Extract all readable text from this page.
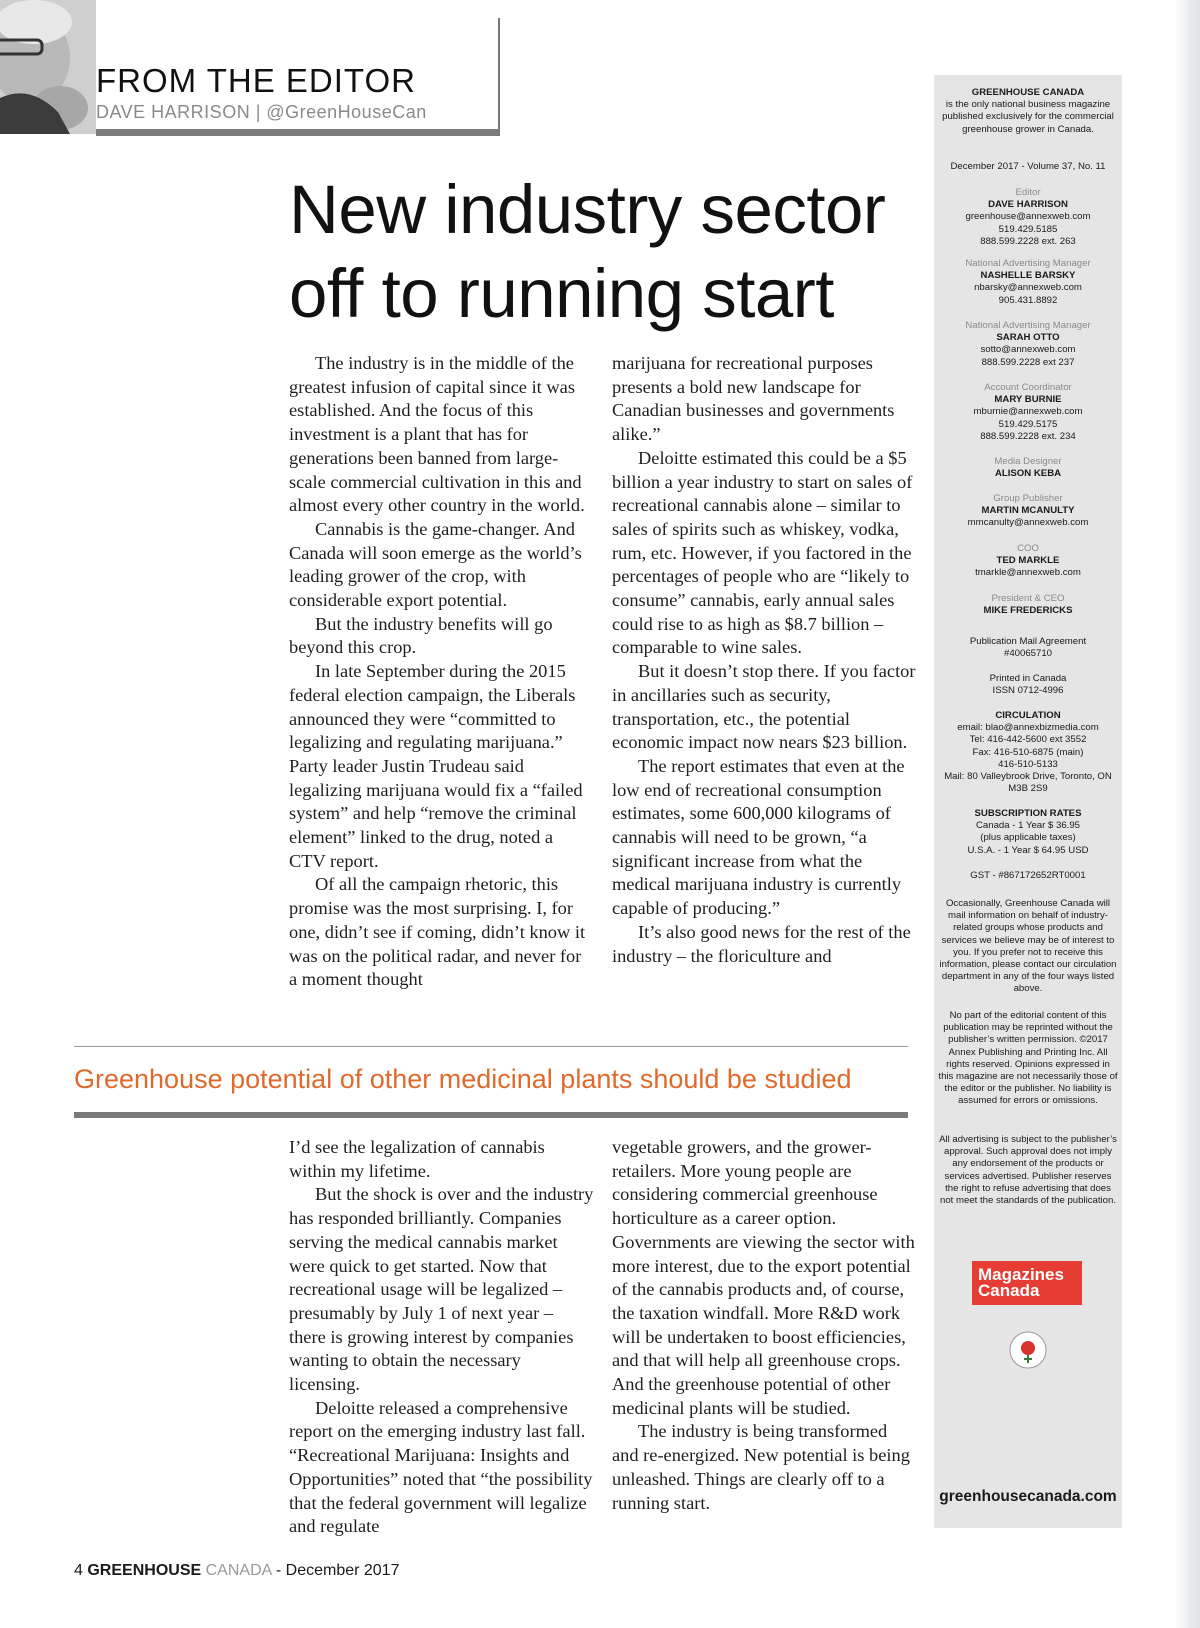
FROM THE EDITOR
DAVE HARRISON | @GreenHouseCan
New industry sector
off to running start

The industry is in the middle of the greatest infusion of capital since it was established. And the focus of this investment is a plant that has for generations been banned from large-scale commercial cultivation in this and almost every other country in the world.

Cannabis is the game-changer. And Canada will soon emerge as the world’s leading grower of the crop, with considerable export potential.

But the industry benefits will go beyond this crop.

In late September during the 2015 federal election campaign, the Liberals announced they were “committed to legalizing and regulating marijuana.” Party leader Justin Trudeau said legalizing marijuana would fix a “failed system” and help “remove the criminal element” linked to the drug, noted a CTV report.

Of all the campaign rhetoric, this promise was the most surprising. I, for one, didn’t see if coming, didn’t know it was on the political radar, and never for a moment thought

marijuana for recreational purposes presents a bold new landscape for Canadian businesses and governments alike.”

Deloitte estimated this could be a $5 billion a year industry to start on sales of recreational cannabis alone – similar to sales of spirits such as whiskey, vodka, rum, etc. However, if you factored in the percentages of people who are “likely to consume” cannabis, early annual sales could rise to as high as $8.7 billion – comparable to wine sales.

But it doesn’t stop there. If you factor in ancillaries such as security, transportation, etc., the potential economic impact now nears $23 billion.

The report estimates that even at the low end of recreational consumption estimates, some 600,000 kilograms of cannabis will need to be grown, “a significant increase from what the medical marijuana industry is currently capable of producing.”

It’s also good news for the rest of the industry – the floriculture and

Greenhouse potential of other medicinal plants should be studied

I’d see the legalization of cannabis within my lifetime.

But the shock is over and the industry has responded brilliantly. Companies serving the medical cannabis market were quick to get started. Now that recreational usage will be legalized – presumably by July 1 of next year – there is growing interest by companies wanting to obtain the necessary licensing.

Deloitte released a comprehensive report on the emerging industry last fall. “Recreational Marijuana: Insights and Opportunities” noted that “the possibility that the federal government will legalize and regulate

vegetable growers, and the grower-retailers. More young people are considering commercial greenhouse horticulture as a career option. Governments are viewing the sector with more interest, due to the export potential of the cannabis products and, of course, the taxation windfall. More R&D work will be undertaken to boost efficiencies, and that will help all greenhouse crops. And the greenhouse potential of other medicinal plants will be studied.

The industry is being transformed and re-energized. New potential is being unleashed. Things are clearly off to a running start.

GREENHOUSE CANADA
is the only national business magazine published exclusively for the commercial greenhouse grower in Canada.
December 2017 - Volume 37, No. 11
Editor
DAVE HARRISON
greenhouse@annexweb.com
519.429.5185
888.599.2228 ext. 263
National Advertising Manager
NASHELLE BARSKY
nbarsky@annexweb.com
905.431.8892
National Advertising Manager
SARAH OTTO
sotto@annexweb.com
888.599.2228 ext 237
Account Coordinator
MARY BURNIE
mburnie@annexweb.com
519.429.5175
888.599.2228 ext. 234
Media Designer
ALISON KEBA
Group Publisher
MARTIN MCANULTY
mmcanulty@annexweb.com
COO
TED MARKLE
tmarkle@annexweb.com
President & CEO
MIKE FREDERICKS
Publication Mail Agreement
#40065710
Printed in Canada
ISSN 0712-4996
CIRCULATION
email: blao@annexbizmedia.com
Tel: 416-442-5600 ext 3552
Fax: 416-510-6875 (main)
416-510-5133
Mail: 80 Valleybrook Drive, Toronto, ON M3B 2S9
SUBSCRIPTION RATES
Canada - 1 Year $ 36.95
(plus applicable taxes)
U.S.A. - 1 Year $ 64.95 USD
GST - #867172652RT0001
Occasionally, Greenhouse Canada will mail information on behalf of industry-related groups whose products and services we believe may be of interest to you. If you prefer not to receive this information, please contact our circulation department in any of the four ways listed above.
No part of the editorial content of this publication may be reprinted without the publisher’s written permission. ©2017 Annex Publishing and Printing Inc. All rights reserved. Opinions expressed in this magazine are not necessarily those of the editor or the publisher. No liability is assumed for errors or omissions.
All advertising is subject to the publisher’s approval. Such approval does not imply any endorsement of the products or services advertised. Publisher reserves the right to refuse advertising that does not meet the standards of the publication.
Magazines
Canada
greenhousecanada.com
4 GREENHOUSE CANADA - December 2017
